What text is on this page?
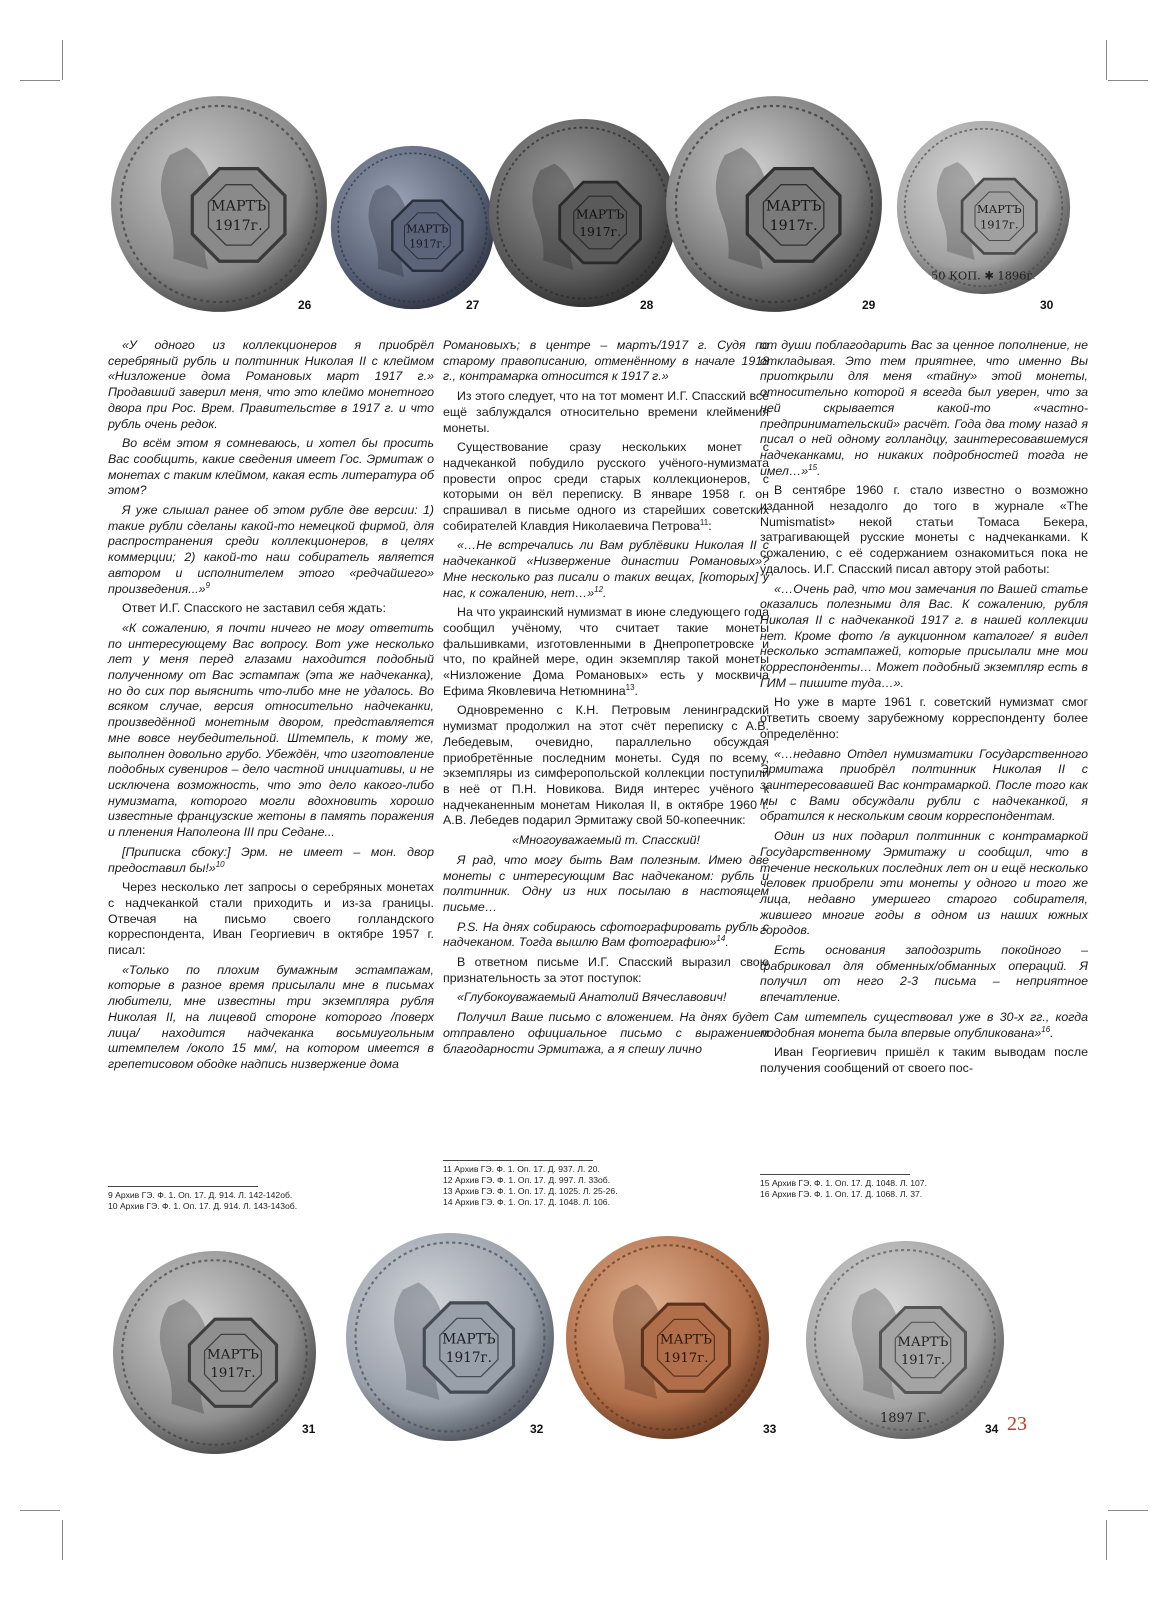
«У одного из коллекционеров я приобрёл серебряный рубль и полтинник Николая II с клеймом «Низложение дома Романовых март 1917 г.» Продавший заверил меня, что это клеймо монетного двора при Рос. Врем. Правительстве в 1917 г. и что рубль очень редок.

Во всём этом я сомневаюсь, и хотел бы просить Вас сообщить, какие сведения имеет Гос. Эрмитаж о монетах с таким клеймом, какая есть литература об этом?

Я уже слышал ранее об этом рубле две версии: 1) такие рубли сделаны какой-то немецкой фирмой, для распространения среди коллекционеров, в целях коммерции; 2) какой-то наш собиратель является автором и исполнителем этого «редчайшего» произведения...»$^9$

Ответ И.Г. Спасского не заставил себя ждать:

«К сожалению, я почти ничего не могу ответить по интересующему Вас вопросу. Вот уже несколько лет у меня перед глазами находится подобный полученному от Вас эстампаж (эта же надчеканка), но до сих пор выяснить что-либо мне не удалось. Во всяком случае, версия относительно надчеканки, произведённой монетным двором, представляется мне вовсе неубедительной. Штемпель, к тому же, выполнен довольно грубо. Убеждён, что изготовление подобных сувениров – дело частной инициативы, и не исключена возможность, что это дело какого-либо нумизмата, которого могли вдохновить хорошо известные французские жетоны в память поражения и пленения Наполеона III при Седане...

[Приписка сбоку:] Эрм. не имеет – мон. двор предоставил бы!»$^{10}$

Через несколько лет запросы о серебряных монетах с надчеканкой стали приходить и из-за границы. Отвечая на письмо своего голландского корреспондента, Иван Георгиевич в октябре 1957 г. писал:

«Только по плохим бумажным эстампажам, которые в разное время присылали мне в письмах любители, мне известны три экземпляра рубля Николая II, на лицевой стороне которого /поверх лица/ находится надчеканка восьмиугольным штемпелем /около 15 мм/, на котором имеется в грепетисовом ободке надпись низвержение дома

Романовыхъ; в центре – мартъ/1917 г. Судя по старому правописанию, отменённому в начале 1918 г., контрамарка относится к 1917 г.»

Из этого следует, что на тот момент И.Г. Спасский всё ещё заблуждался относительно времени клеймения монеты.

Существование сразу нескольких монет с надчеканкой побудило русского учёного-нумизмата провести опрос среди старых коллекционеров, с которыми он вёл переписку. В январе 1958 г. он спрашивал в письме одного из старейших советских собирателей Клавдия Николаевича Петрова$^{11}$:

«…Не встречались ли Вам рублёвики Николая II с надчеканкой «Низвержение династии Романовых»? Мне несколько раз писали о таких вещах, [которых] у нас, к сожалению, нет…»$^{12}$.

На что украинский нумизмат в июне следующего года сообщил учёному, что считает такие монеты фальшивками, изготовленными в Днепропетровске и что, по крайней мере, один экземпляр такой монеты «Низложение Дома Романовых» есть у москвича Ефима Яковлевича Нетюмнина$^{13}$.

Одновременно с К.Н. Петровым ленинградский нумизмат продолжил на этот счёт переписку с А.В. Лебедевым, очевидно, параллельно обсуждая приобретённые последним монеты. Судя по всему, экземпляры из симферопольской коллекции поступили в неё от П.Н. Новикова. Видя интерес учёного к надчеканенным монетам Николая II, в октябре 1960 г. А.В. Лебедев подарил Эрмитажу свой 50-копеечник:

«Многоуважаемый т. Спасский!

Я рад, что могу быть Вам полезным. Имею две монеты с интересующим Вас надчеканом: рубль и полтинник. Одну из них посылаю в настоящем письме…

P.S. На днях собираюсь сфотографировать рубль с надчеканом. Тогда вышлю Вам фотографию»$^{14}$.

В ответном письме И.Г. Спасский выразил свою признательность за этот поступок:

«Глубокоуважаемый Анатолий Вячеславович!

Получил Ваше письмо с вложением. На днях будет отправлено официальное письмо с выражением благодарности Эрмитажа, а я спешу лично

от души поблагодарить Вас за ценное пополнение, не откладывая. Это тем приятнее, что именно Вы приоткрыли для меня «тайну» этой монеты, относительно которой я всегда был уверен, что за ней скрывается какой-то «частно-предпринимательский» расчёт. Года два тому назад я писал о ней одному голландцу, заинтересовавшемуся надчеканками, но никаких подробностей тогда не имел…»$^{15}$.

В сентябре 1960 г. стало известно о возможно изданной незадолго до того в журнале «The Numismatist» некой статьи Томаса Бекера, затрагивающей русские монеты с надчеканками. К сожалению, с её содержанием ознакомиться пока не удалось. И.Г. Спасский писал автору этой работы:

«…Очень рад, что мои замечания по Вашей статье оказались полезными для Вас. К сожалению, рубля Николая II с надчеканкой 1917 г. в нашей коллекции нет. Кроме фото /в аукционном каталоге/ я видел несколько эстампажей, которые присылали мне мои корреспонденты… Может подобный экземпляр есть в ГИМ – пишите туда…».

Но уже в марте 1961 г. советский нумизмат смог ответить своему зарубежному корреспонденту более определённо:

«…недавно Отдел нумизматики Государственного Эрмитажа приобрёл полтинник Николая II с заинтересовавшей Вас контрамаркой. После того как мы с Вами обсуждали рубли с надчеканкой, я обратился к нескольким своим корреспондентам.

Один из них подарил полтинник с контрамаркой Государственному Эрмитажу и сообщил, что в течение нескольких последних лет он и ещё несколько человек приобрели эти монеты у одного и того же лица, недавно умершего старого собирателя, жившего многие годы в одном из наших южных городов.

Есть основания заподозрить покойного – фабриковал для обменных/обманных операций. Я получил от него 2-3 письма – неприятное впечатление.

Сам штемпель существовал уже в 30-х гг., когда подобная монета была впервые опубликована»$^{16}$.

Иван Георгиевич пришёл к таким выводам после получения сообщений от своего пос-

9 Архив ГЭ. Ф. 1. Оп. 17. Д. 914. Л. 142-142об.
10 Архив ГЭ. Ф. 1. Оп. 17. Д. 914. Л. 143-143об.
11 Архив ГЭ. Ф. 1. Оп. 17. Д. 937. Л. 20.
12 Архив ГЭ. Ф. 1. Оп. 17. Д. 997. Л. 33об.
13 Архив ГЭ. Ф. 1. Оп. 17. Д. 1025. Л. 25-26.
14 Архив ГЭ. Ф. 1. Оп. 17. Д. 1048. Л. 106.
15 Архив ГЭ. Ф. 1. Оп. 17. Д. 1048. Л. 107.
16 Архив ГЭ. Ф. 1. Оп. 17. Д. 1068. Л. 37.
23
МАРТЪ
1917г.
26
МАРТЪ
1917г.
27
МАРТЪ
1917г.
28
МАРТЪ
1917г.
29
МАРТЪ
1917г.
50 КОП. ✱ 1896г.
30
МАРТЪ
1917г.
31
МАРТЪ
1917г.
32
МАРТЪ
1917г.
33
МАРТЪ
1917г.
1897 Г.
34
